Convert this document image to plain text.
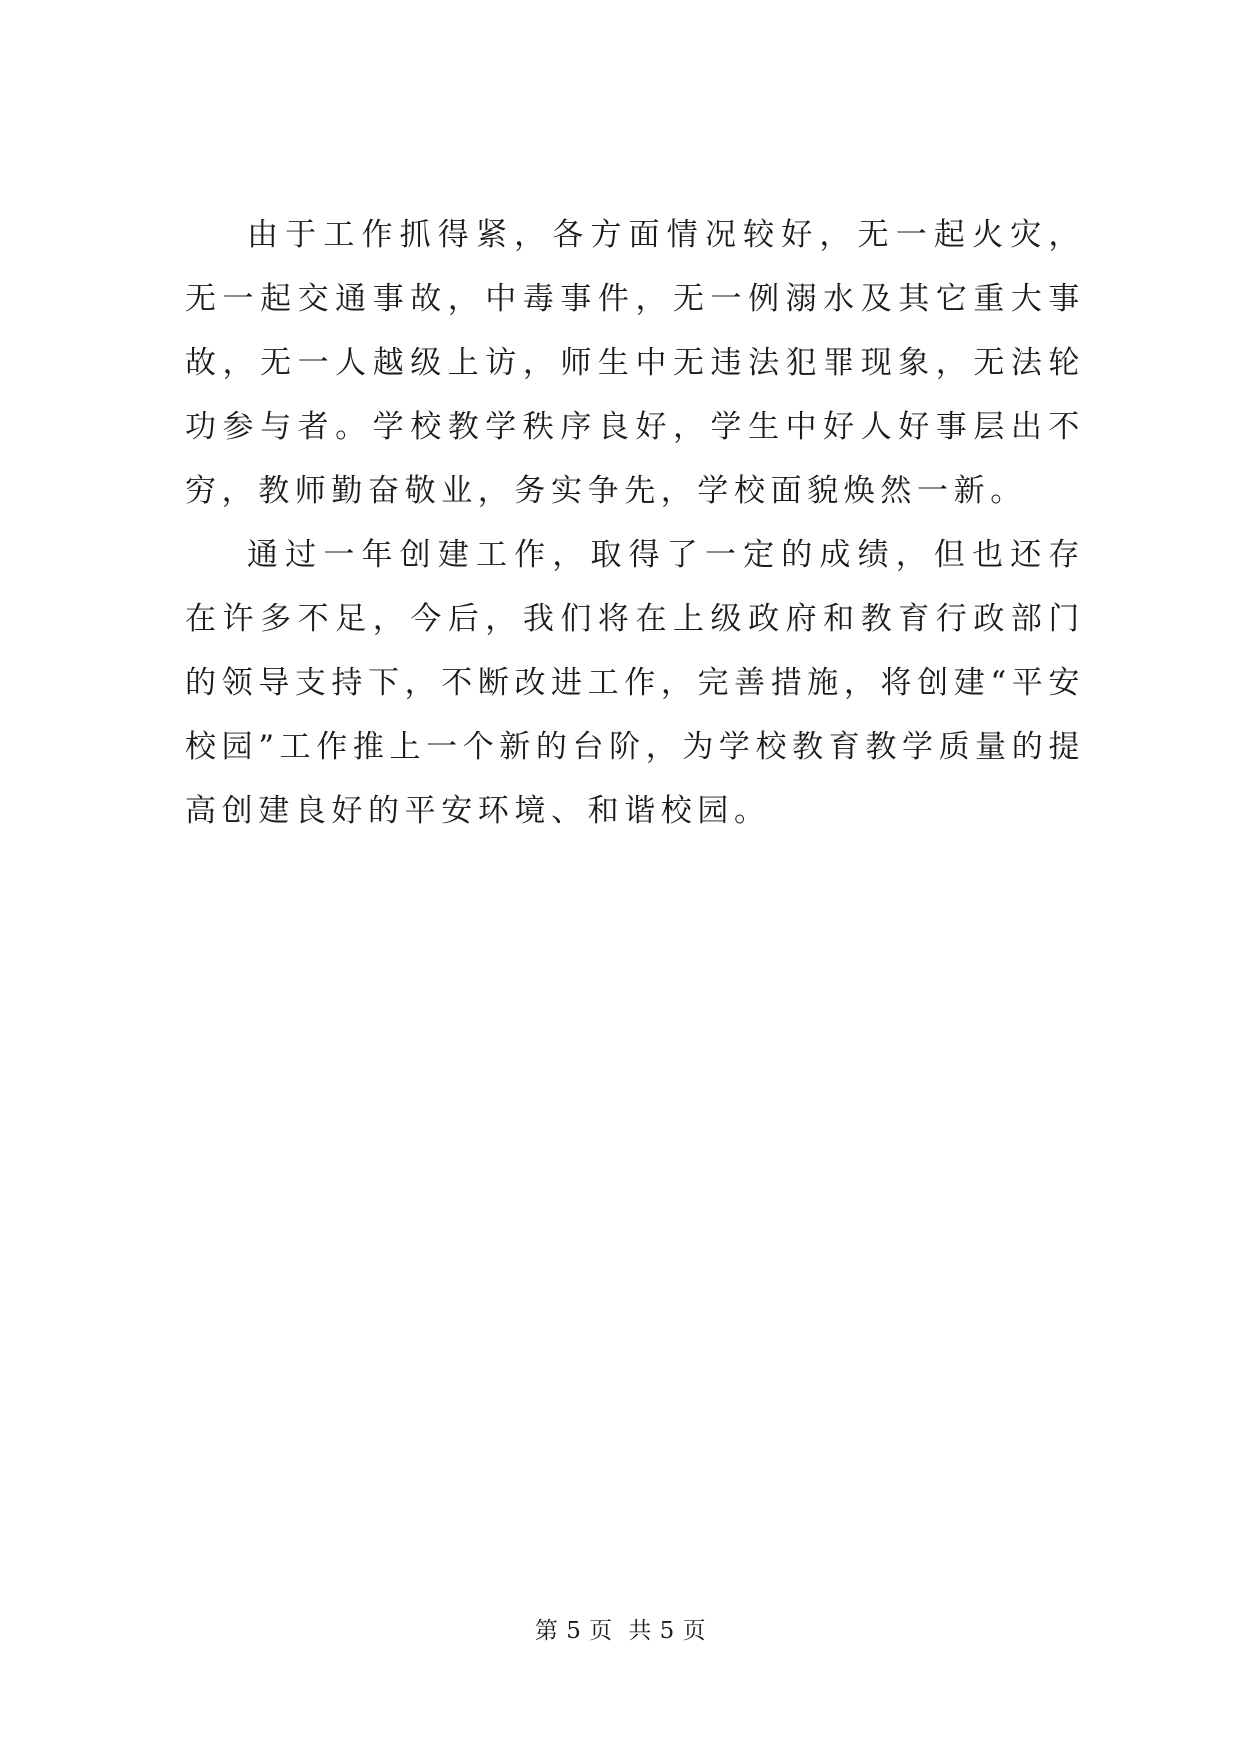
由于工作抓得紧，各方面情况较好，无一起火灾，无一起交通事故，中毒事件，无一例溺水及其它重大事故，无一人越级上访，师生中无违法犯罪现象，无法轮功参与者。学校教学秩序良好，学生中好人好事层出不穷，教师勤奋敬业，务实争先，学校面貌焕然一新。

通过一年创建工作，取得了一定的成绩，但也还存在许多不足，今后，我们将在上级政府和教育行政部门的领导支持下，不断改进工作，完善措施，将创建“平安校园”工作推上一个新的台阶，为学校教育教学质量的提高创建良好的平安环境、和谐校园。

第 5 页 共 5 页
